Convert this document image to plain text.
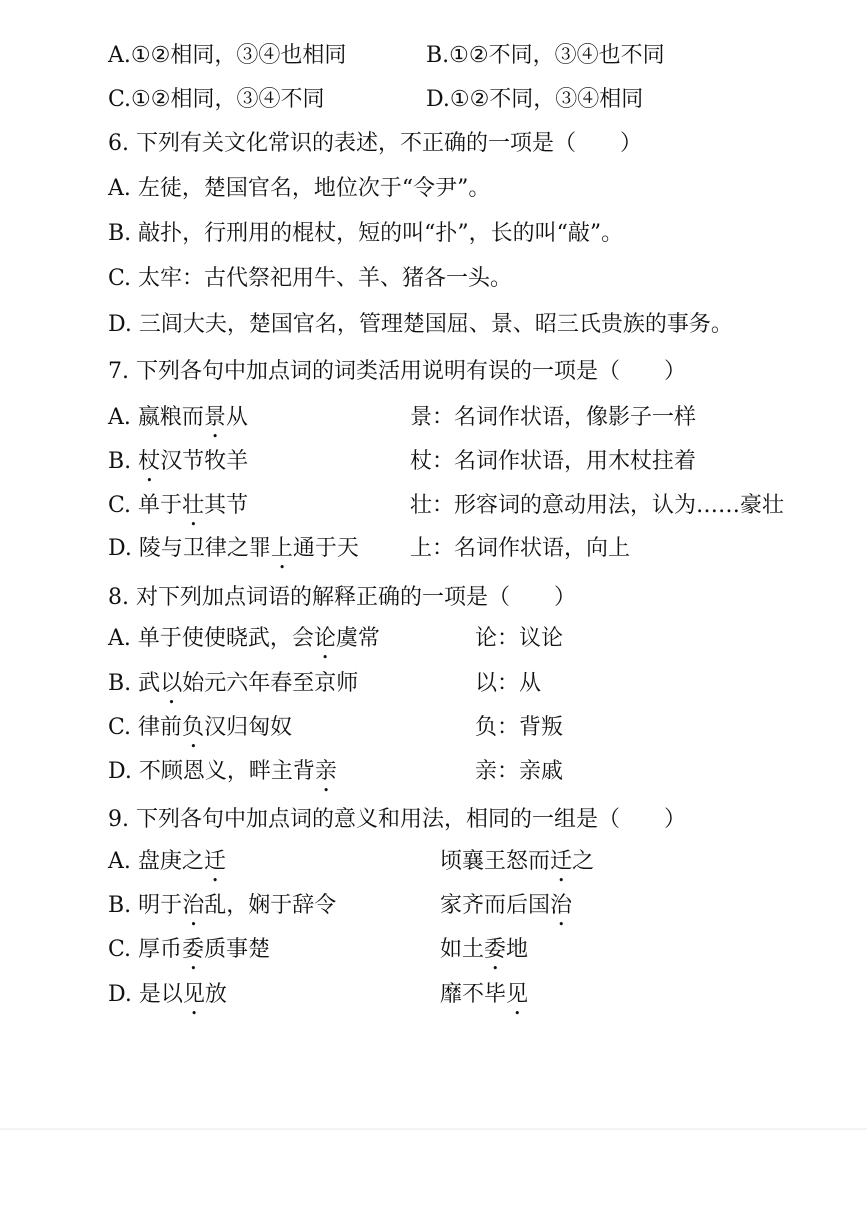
A.①②相同，③④也相同	B.①②不同，③④也不同
C.①②相同，③④不同	D.①②不同，③④相同
6. 下列有关文化常识的表述，不正确的一项是（　　）
A. 左徒，楚国官名，地位次于“令尹”。
B. 敲扑，行刑用的棍杖，短的叫“扑”，长的叫“敲”。
C. 太牢：古代祭祀用牛、羊、猪各一头。
D. 三闾大夫，楚国官名，管理楚国屈、景、昭三氏贵族的事务。
7. 下列各句中加点词的词类活用说明有误的一项是（　　）
A. 嬴粮而景从	景：名词作状语，像影子一样
B. 杖汉节牧羊	杖：名词作状语，用木杖拄着
C. 单于壮其节	壮：形容词的意动用法，认为……豪壮
D. 陵与卫律之罪上通于天 上：名词作状语，向上
8. 对下列加点词语的解释正确的一项是（　　）
A. 单于使使晓武，会论虞常	论：议论
B. 武以始元六年春至京师	以：从
C. 律前负汉归匈奴	负：背叛
D. 不顾恩义，畔主背亲	亲：亲戚
9. 下列各句中加点词的意义和用法，相同的一组是（　　）
A. 盘庚之迁	顷襄王怒而迁之
B. 明于治乱，娴于辞令	家齐而后国治
C. 厚币委质事楚	如土委地
D. 是以见放	靡不毕见
